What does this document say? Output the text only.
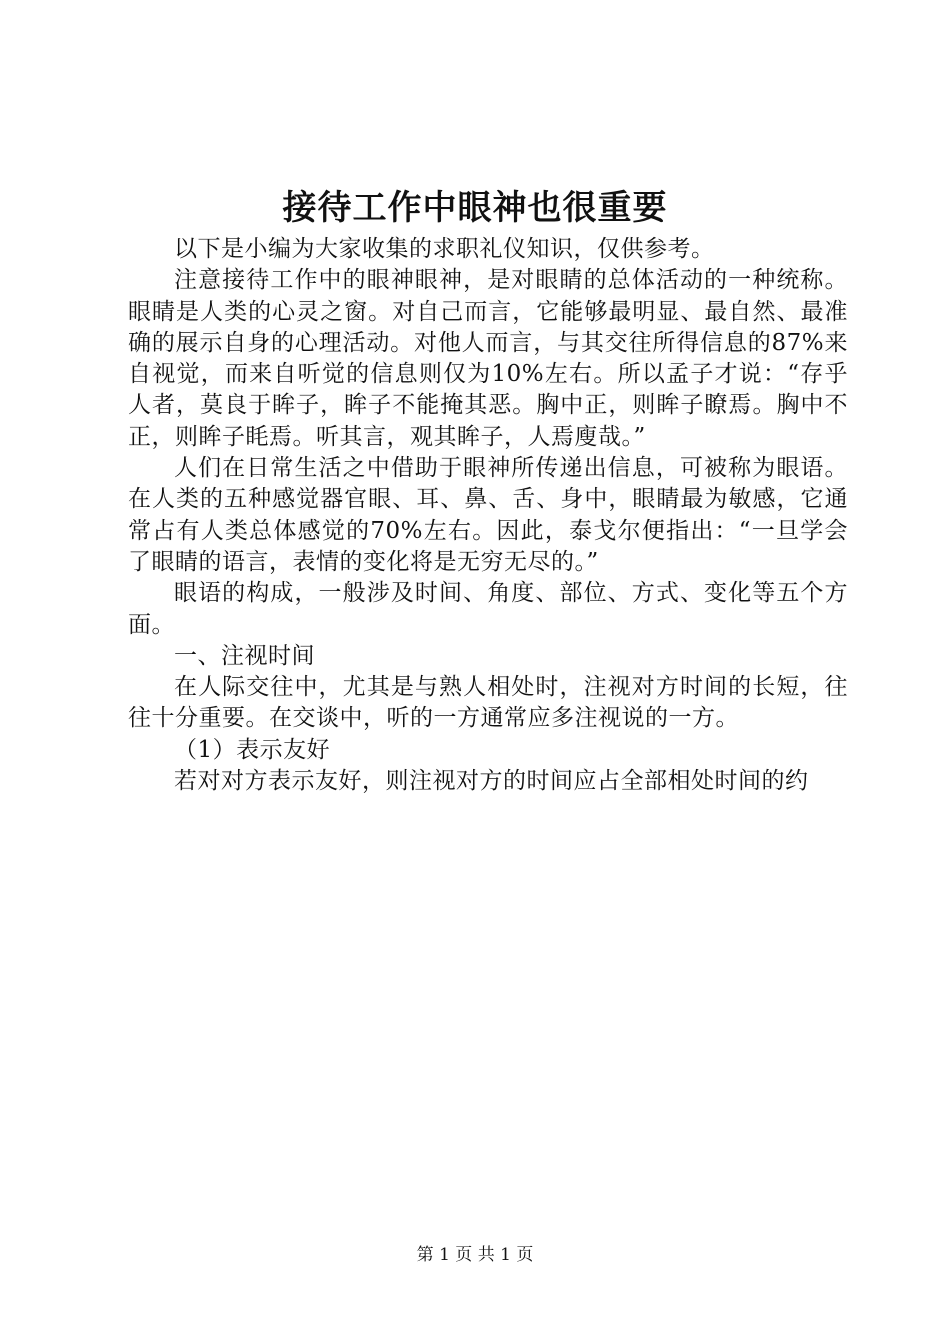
接待工作中眼神也很重要

以下是小编为大家收集的求职礼仪知识，仅供参考。

注意接待工作中的眼神眼神，是对眼睛的总体活动的一种统称。眼睛是人类的心灵之窗。对自己而言，它能够最明显、最自然、最准确的展示自身的心理活动。对他人而言，与其交往所得信息的87%来自视觉，而来自听觉的信息则仅为10%左右。所以孟子才说：“存乎人者，莫良于眸子，眸子不能掩其恶。胸中正，则眸子瞭焉。胸中不正，则眸子眊焉。听其言，观其眸子，人焉廋哉。”

人们在日常生活之中借助于眼神所传递出信息，可被称为眼语。在人类的五种感觉器官眼、耳、鼻、舌、身中，眼睛最为敏感，它通常占有人类总体感觉的70%左右。因此，泰戈尔便指出：“一旦学会了眼睛的语言，表情的变化将是无穷无尽的。”

眼语的构成，一般涉及时间、角度、部位、方式、变化等五个方面。

一、注视时间

在人际交往中，尤其是与熟人相处时，注视对方时间的长短，往往十分重要。在交谈中，听的一方通常应多注视说的一方。

（1）表示友好

若对对方表示友好，则注视对方的时间应占全部相处时间的约

第 1 页 共 1 页
